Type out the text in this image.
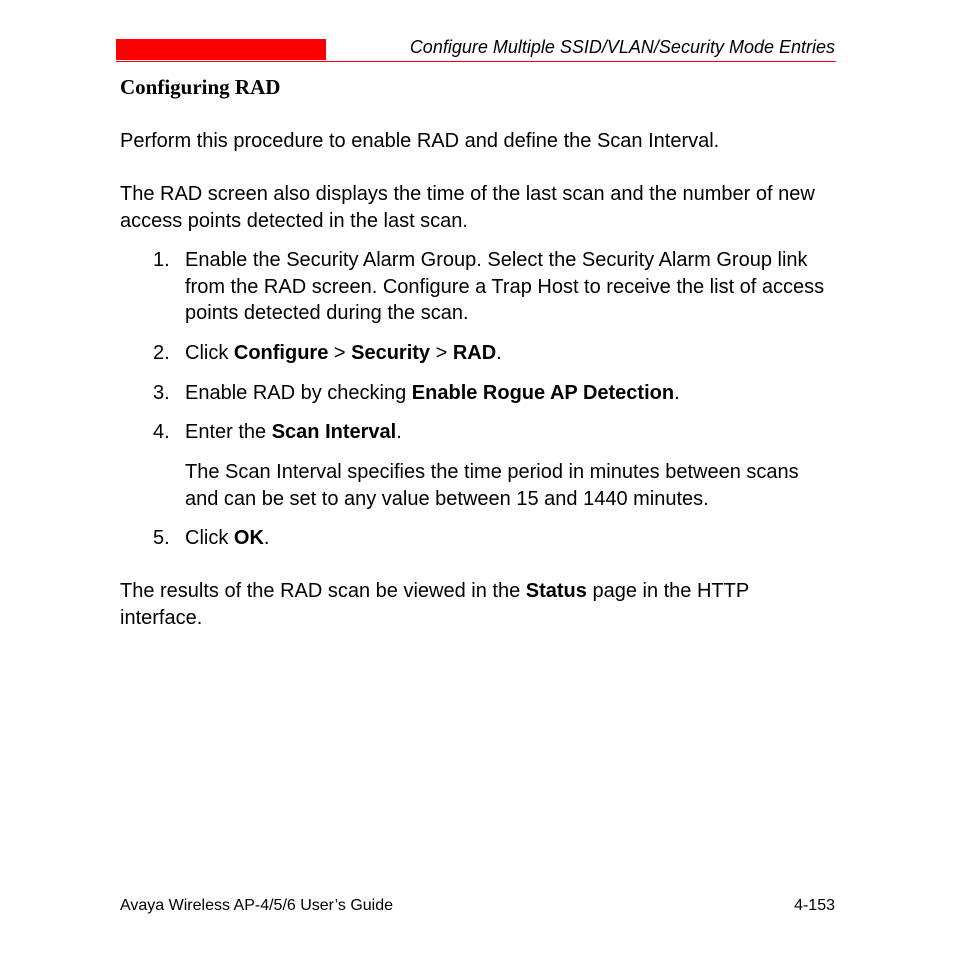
Configure Multiple SSID/VLAN/Security Mode Entries
Configuring RAD
Perform this procedure to enable RAD and define the Scan Interval.
The RAD screen also displays the time of the last scan and the number of new access points detected in the last scan.
1. Enable the Security Alarm Group. Select the Security Alarm Group link from the RAD screen. Configure a Trap Host to receive the list of access points detected during the scan.
2. Click Configure > Security > RAD.
3. Enable RAD by checking Enable Rogue AP Detection.
4. Enter the Scan Interval.
The Scan Interval specifies the time period in minutes between scans and can be set to any value between 15 and 1440 minutes.
5. Click OK.
The results of the RAD scan be viewed in the Status page in the HTTP interface.
Avaya Wireless AP-4/5/6 User’s Guide	4-153
